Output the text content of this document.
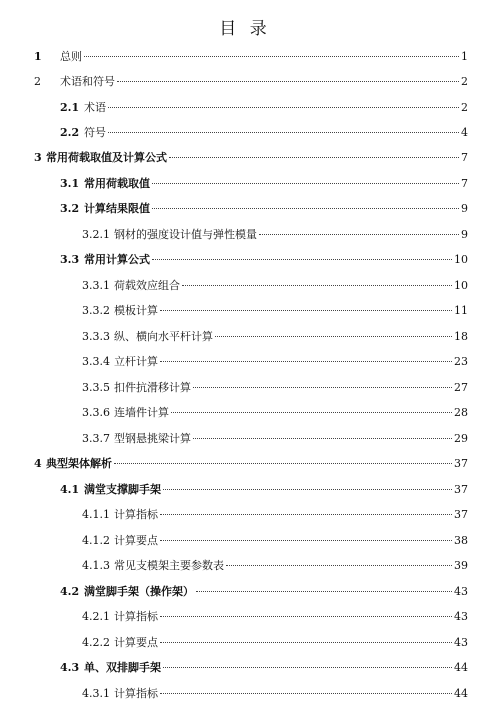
目 录
1	总则	1
2	术语和符号	2
2.1 术语	2
2.2 符号	4
3 常用荷载取值及计算公式	7
3.1 常用荷载取值	7
3.2 计算结果限值	9
3.2.1 钢材的强度设计值与弹性模量	9
3.3 常用计算公式	10
3.3.1 荷载效应组合	10
3.3.2 模板计算	11
3.3.3 纵、横向水平杆计算	18
3.3.4 立杆计算	23
3.3.5 扣件抗滑移计算	27
3.3.6 连墙件计算	28
3.3.7 型钢悬挑梁计算	29
4 典型架体解析	37
4.1 满堂支撑脚手架	37
4.1.1 计算指标	37
4.1.2 计算要点	38
4.1.3 常见支模架主要参数表	39
4.2 满堂脚手架（操作架）	43
4.2.1 计算指标	43
4.2.2 计算要点	43
4.3 单、双排脚手架	44
4.3.1 计算指标	44
